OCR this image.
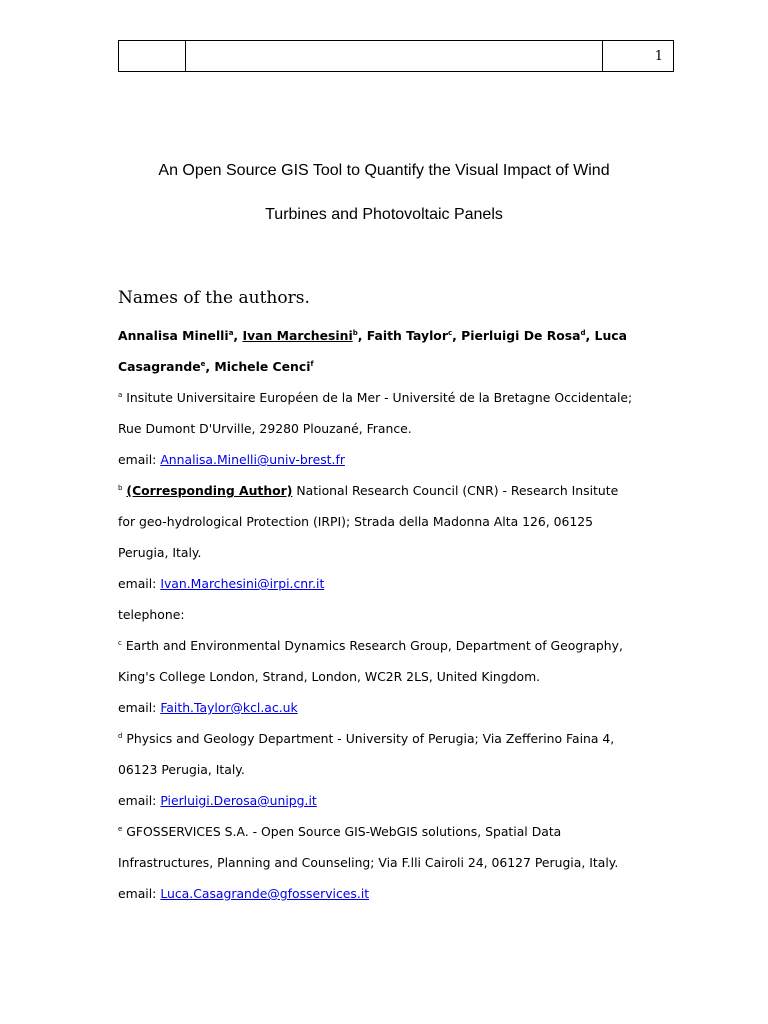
		1
An Open Source GIS Tool to Quantify the Visual Impact of Wind
Turbines and Photovoltaic Panels
Names of the authors.
Annalisa Minelli$^a$, Ivan Marchesini$^b$, Faith Taylor$^c$, Pierluigi De Rosa$^d$, Luca
Casagrande$^e$, Michele Cenci$^f$
$^a$ Insitute Universitaire Européen de la Mer - Université de la Bretagne Occidentale;
Rue Dumont D'Urville, 29280 Plouzané, France.
email: Annalisa.Minelli@univ-brest.fr
$^b$ (Corresponding Author) National Research Council (CNR) - Research Insitute
for geo-hydrological Protection (IRPI); Strada della Madonna Alta 126, 06125
Perugia, Italy.
email: Ivan.Marchesini@irpi.cnr.it
telephone:
$^c$ Earth and Environmental Dynamics Research Group, Department of Geography,
King's College London, Strand, London, WC2R 2LS, United Kingdom.
email: Faith.Taylor@kcl.ac.uk
$^d$ Physics and Geology Department - University of Perugia; Via Zefferino Faina 4,
06123 Perugia, Italy.
email: Pierluigi.Derosa@unipg.it
$^e$ GFOSSERVICES S.A. - Open Source GIS-WebGIS solutions, Spatial Data
Infrastructures, Planning and Counseling; Via F.lli Cairoli 24, 06127 Perugia, Italy.
email: Luca.Casagrande@gfosservices.it
